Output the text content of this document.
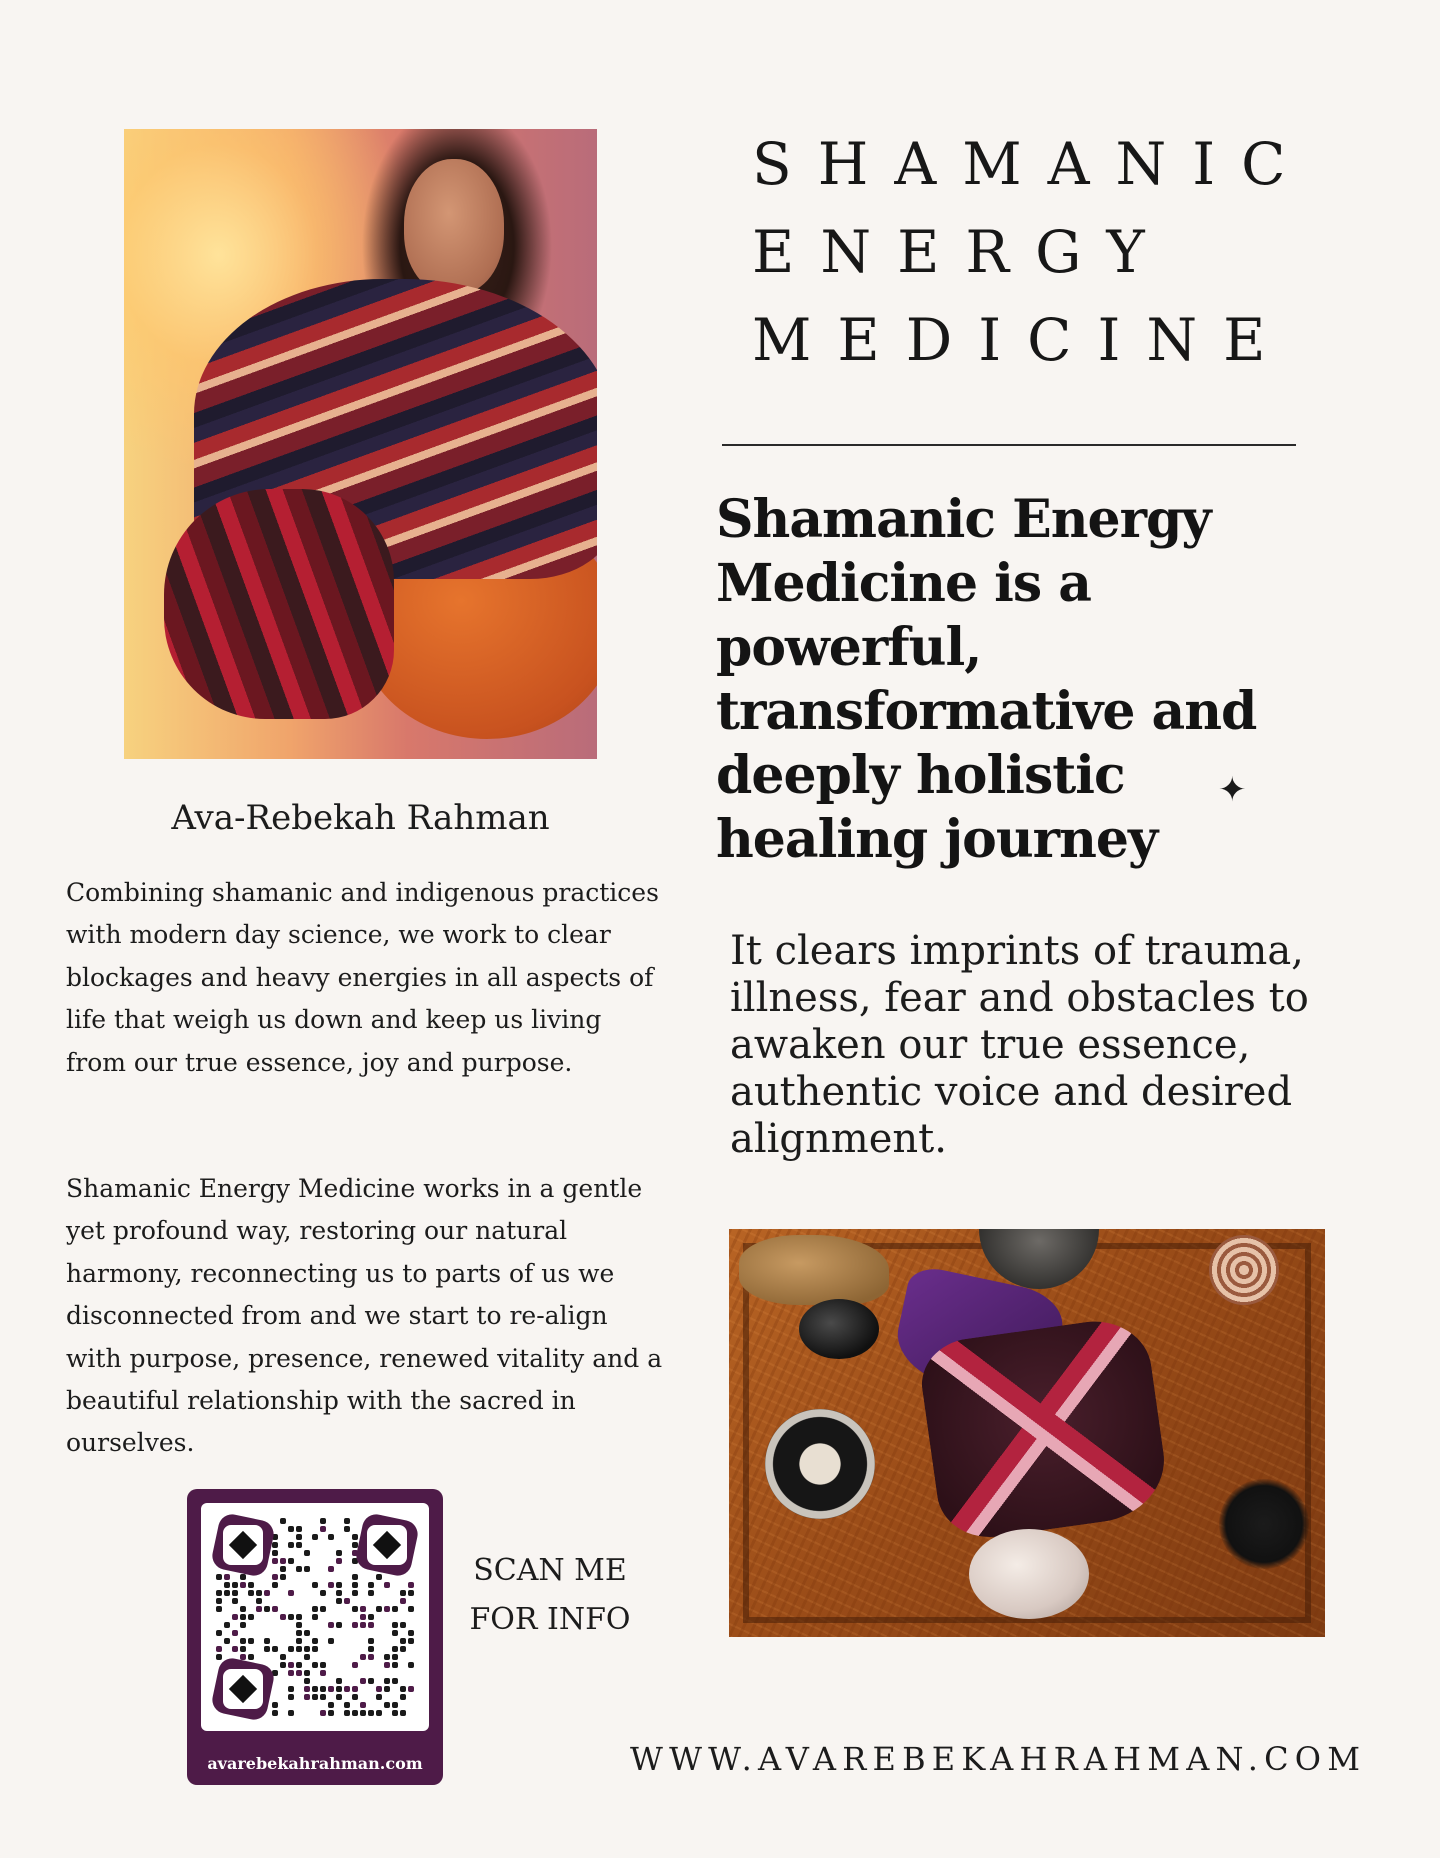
SHAMANIC
ENERGY
MEDICINE
Shamanic Energy Medicine is a powerful, transformative and deeply holistic healing journey
✦
It clears imprints of trauma, illness, fear and obstacles to awaken our true essence, authentic voice and desired alignment.
Ava-Rebekah Rahman
Combining shamanic and indigenous practices with modern day science, we work to clear blockages and heavy energies in all aspects of life that weigh us down and keep us living from our true essence, joy and purpose.
Shamanic Energy Medicine works in a gentle yet profound way, restoring our natural harmony, reconnecting us to parts of us we disconnected from and we start to re-align with purpose, presence, renewed vitality and a beautiful relationship with the sacred in ourselves.
avarebekahrahman.com
SCAN ME
FOR INFO
WWW.AVAREBEKAHRAHMAN.COM
